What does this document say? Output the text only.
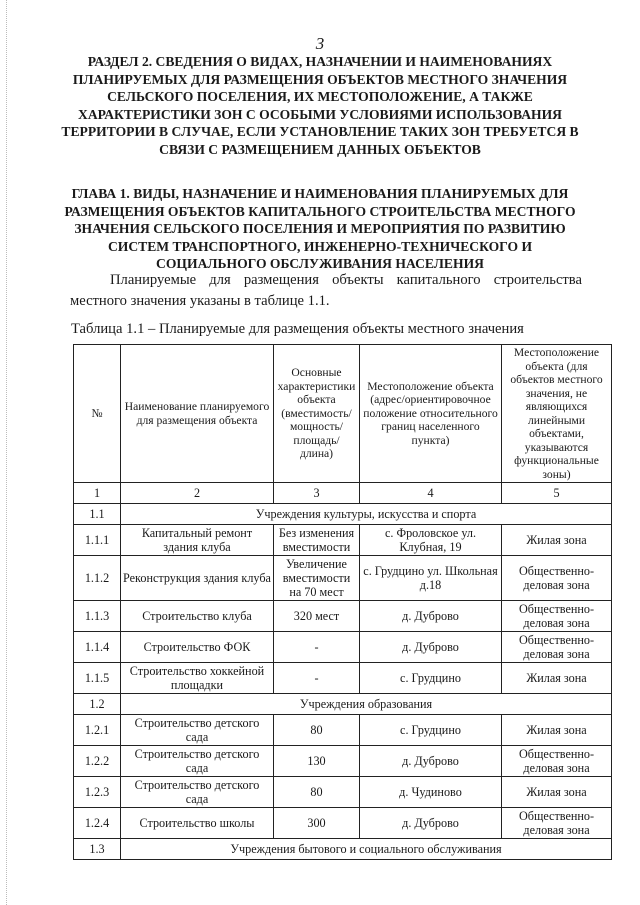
3
РАЗДЕЛ 2. СВЕДЕНИЯ О ВИДАХ, НАЗНАЧЕНИИ И НАИМЕНОВАНИЯХ ПЛАНИРУЕМЫХ ДЛЯ РАЗМЕЩЕНИЯ ОБЪЕКТОВ МЕСТНОГО ЗНАЧЕНИЯ СЕЛЬСКОГО ПОСЕЛЕНИЯ, ИХ МЕСТОПОЛОЖЕНИЕ, А ТАКЖЕ ХАРАКТЕРИСТИКИ ЗОН С ОСОБЫМИ УСЛОВИЯМИ ИСПОЛЬЗОВАНИЯ ТЕРРИТОРИИ В СЛУЧАЕ, ЕСЛИ УСТАНОВЛЕНИЕ ТАКИХ ЗОН ТРЕБУЕТСЯ В СВЯЗИ С РАЗМЕЩЕНИЕМ ДАННЫХ ОБЪЕКТОВ
ГЛАВА 1. ВИДЫ, НАЗНАЧЕНИЕ И НАИМЕНОВАНИЯ ПЛАНИРУЕМЫХ ДЛЯ РАЗМЕЩЕНИЯ ОБЪЕКТОВ КАПИТАЛЬНОГО СТРОИТЕЛЬСТВА МЕСТНОГО ЗНАЧЕНИЯ СЕЛЬСКОГО ПОСЕЛЕНИЯ И МЕРОПРИЯТИЯ ПО РАЗВИТИЮ СИСТЕМ ТРАНСПОРТНОГО, ИНЖЕНЕРНО-ТЕХНИЧЕСКОГО И СОЦИАЛЬНОГО ОБСЛУЖИВАНИЯ НАСЕЛЕНИЯ
Планируемые для размещения объекты капитального строительства местного значения указаны в таблице 1.1.
Таблица 1.1 – Планируемые для размещения объекты местного значения
№	Наименование планируемого для размещения объекта	Основные характеристики объекта (вместимость/ мощность/ площадь/ длина)	Местоположение объекта (адрес/ориентировочное положение относительного границ населенного пункта)	Местоположение объекта (для объектов местного значения, не являющихся линейными объектами, указываются функциональные зоны)
1	2	3	4	5
1.1	Учреждения культуры, искусства и спорта			
1.1.1	Капитальный ремонт здания клуба	Без изменения вместимости	с. Фроловское ул. Клубная, 19	Жилая зона
1.1.2	Реконструкция здания клуба	Увеличение вместимости на 70 мест	с. Грудцино ул. Школьная д.18	Общественно-деловая зона
1.1.3	Строительство клуба	320 мест	д. Дуброво	Общественно-деловая зона
1.1.4	Строительство ФОК	-	д. Дуброво	Общественно-деловая зона
1.1.5	Строительство хоккейной площадки	-	с. Грудцино	Жилая зона
1.2	Учреждения образования			
1.2.1	Строительство детского сада	80	с. Грудцино	Жилая зона
1.2.2	Строительство детского сада	130	д. Дуброво	Общественно-деловая зона
1.2.3	Строительство детского сада	80	д. Чудиново	Жилая зона
1.2.4	Строительство школы	300	д. Дуброво	Общественно-деловая зона
1.3	Учреждения бытового и социального обслуживания			
